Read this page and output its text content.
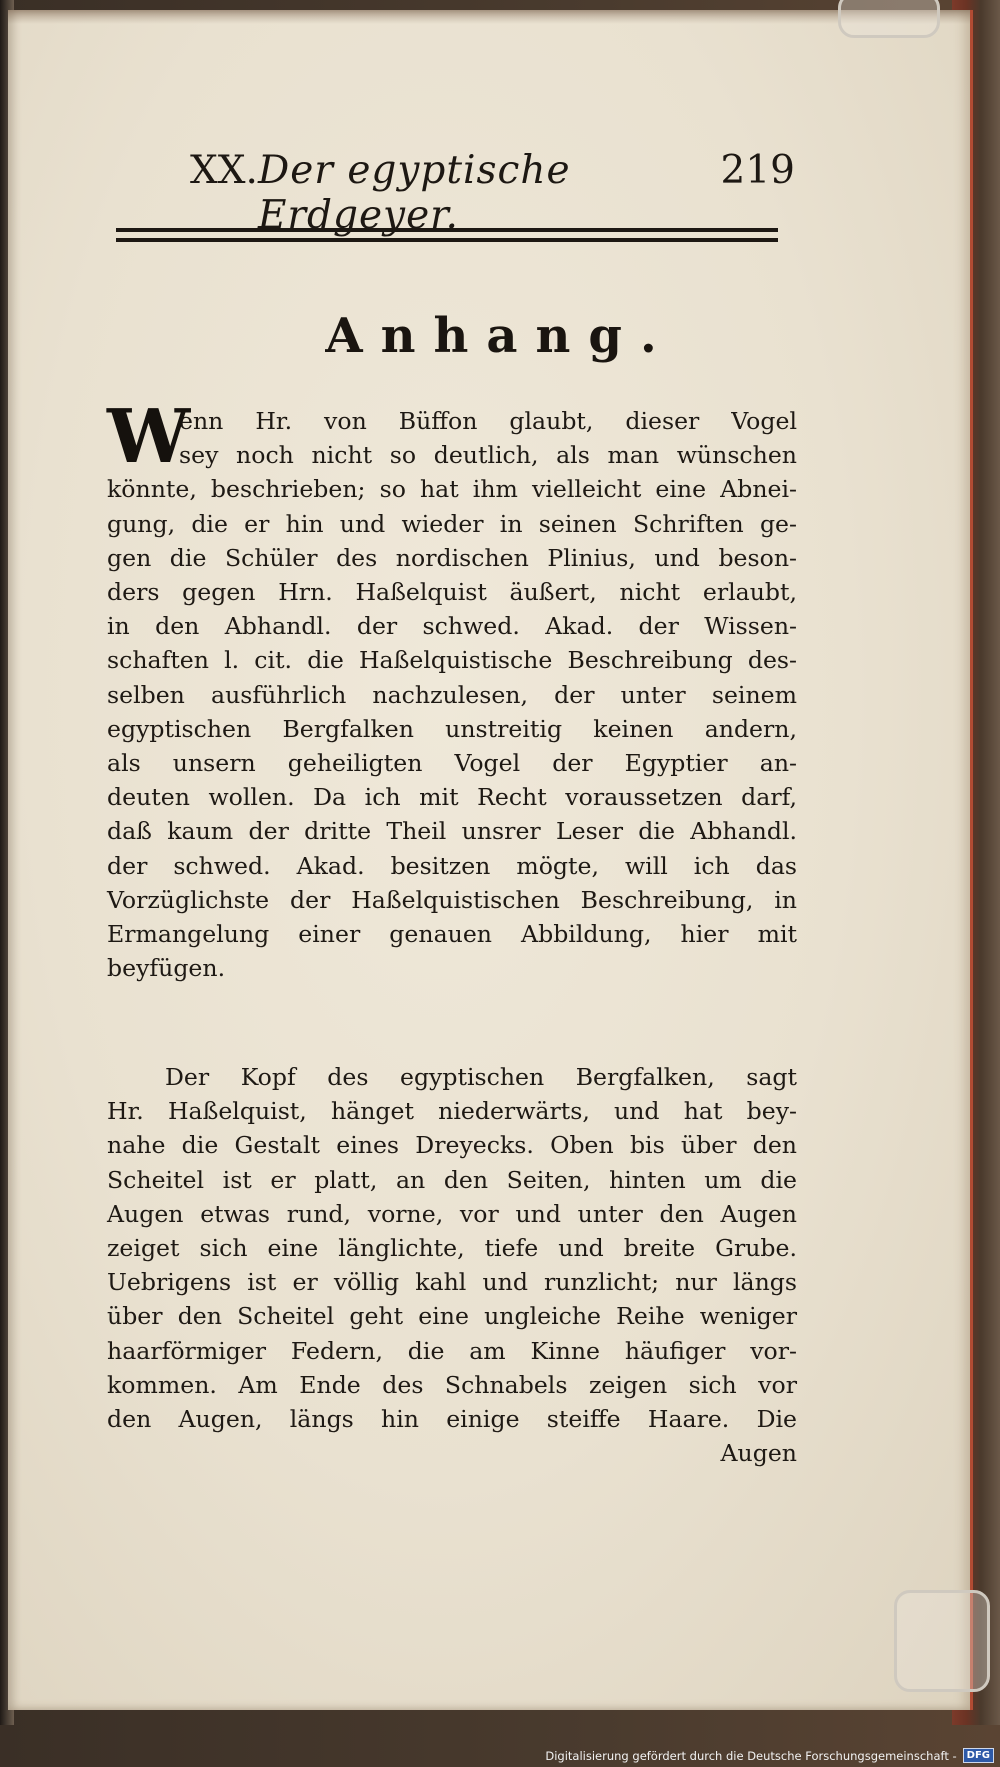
XX. Der egyptische Erdgeyer.
219
Anhang.
W
enn Hr. von Büffon glaubt, dieser Vogel
sey noch nicht so deutlich, als man wünschen
könnte, beschrieben; so hat ihm vielleicht eine Abnei-
gung, die er hin und wieder in seinen Schriften ge-
gen die Schüler des nordischen Plinius, und beson-
ders gegen Hrn. Haßelquist äußert, nicht erlaubt,
in den Abhandl. der schwed. Akad. der Wissen-
schaften l. cit. die Haßelquistische Beschreibung des-
selben ausführlich nachzulesen, der unter seinem
egyptischen Bergfalken unstreitig keinen andern,
als unsern geheiligten Vogel der Egyptier an-
deuten wollen. Da ich mit Recht voraussetzen darf,
daß kaum der dritte Theil unsrer Leser die Abhandl.
der schwed. Akad. besitzen mögte, will ich das
Vorzüglichste der Haßelquistischen Beschreibung, in
Ermangelung einer genauen Abbildung, hier mit
beyfügen.
Der Kopf des egyptischen Bergfalken, sagt
Hr. Haßelquist, hänget niederwärts, und hat bey-
nahe die Gestalt eines Dreyecks. Oben bis über den
Scheitel ist er platt, an den Seiten, hinten um die
Augen etwas rund, vorne, vor und unter den Augen
zeiget sich eine länglichte, tiefe und breite Grube.
Uebrigens ist er völlig kahl und runzlicht; nur längs
über den Scheitel geht eine ungleiche Reihe weniger
haarförmiger Federn, die am Kinne häufiger vor-
kommen. Am Ende des Schnabels zeigen sich vor
den Augen, längs hin einige steiffe Haare. Die
Augen
Digitalisierung gefördert durch die Deutsche Forschungsgemeinschaft -	DFG
